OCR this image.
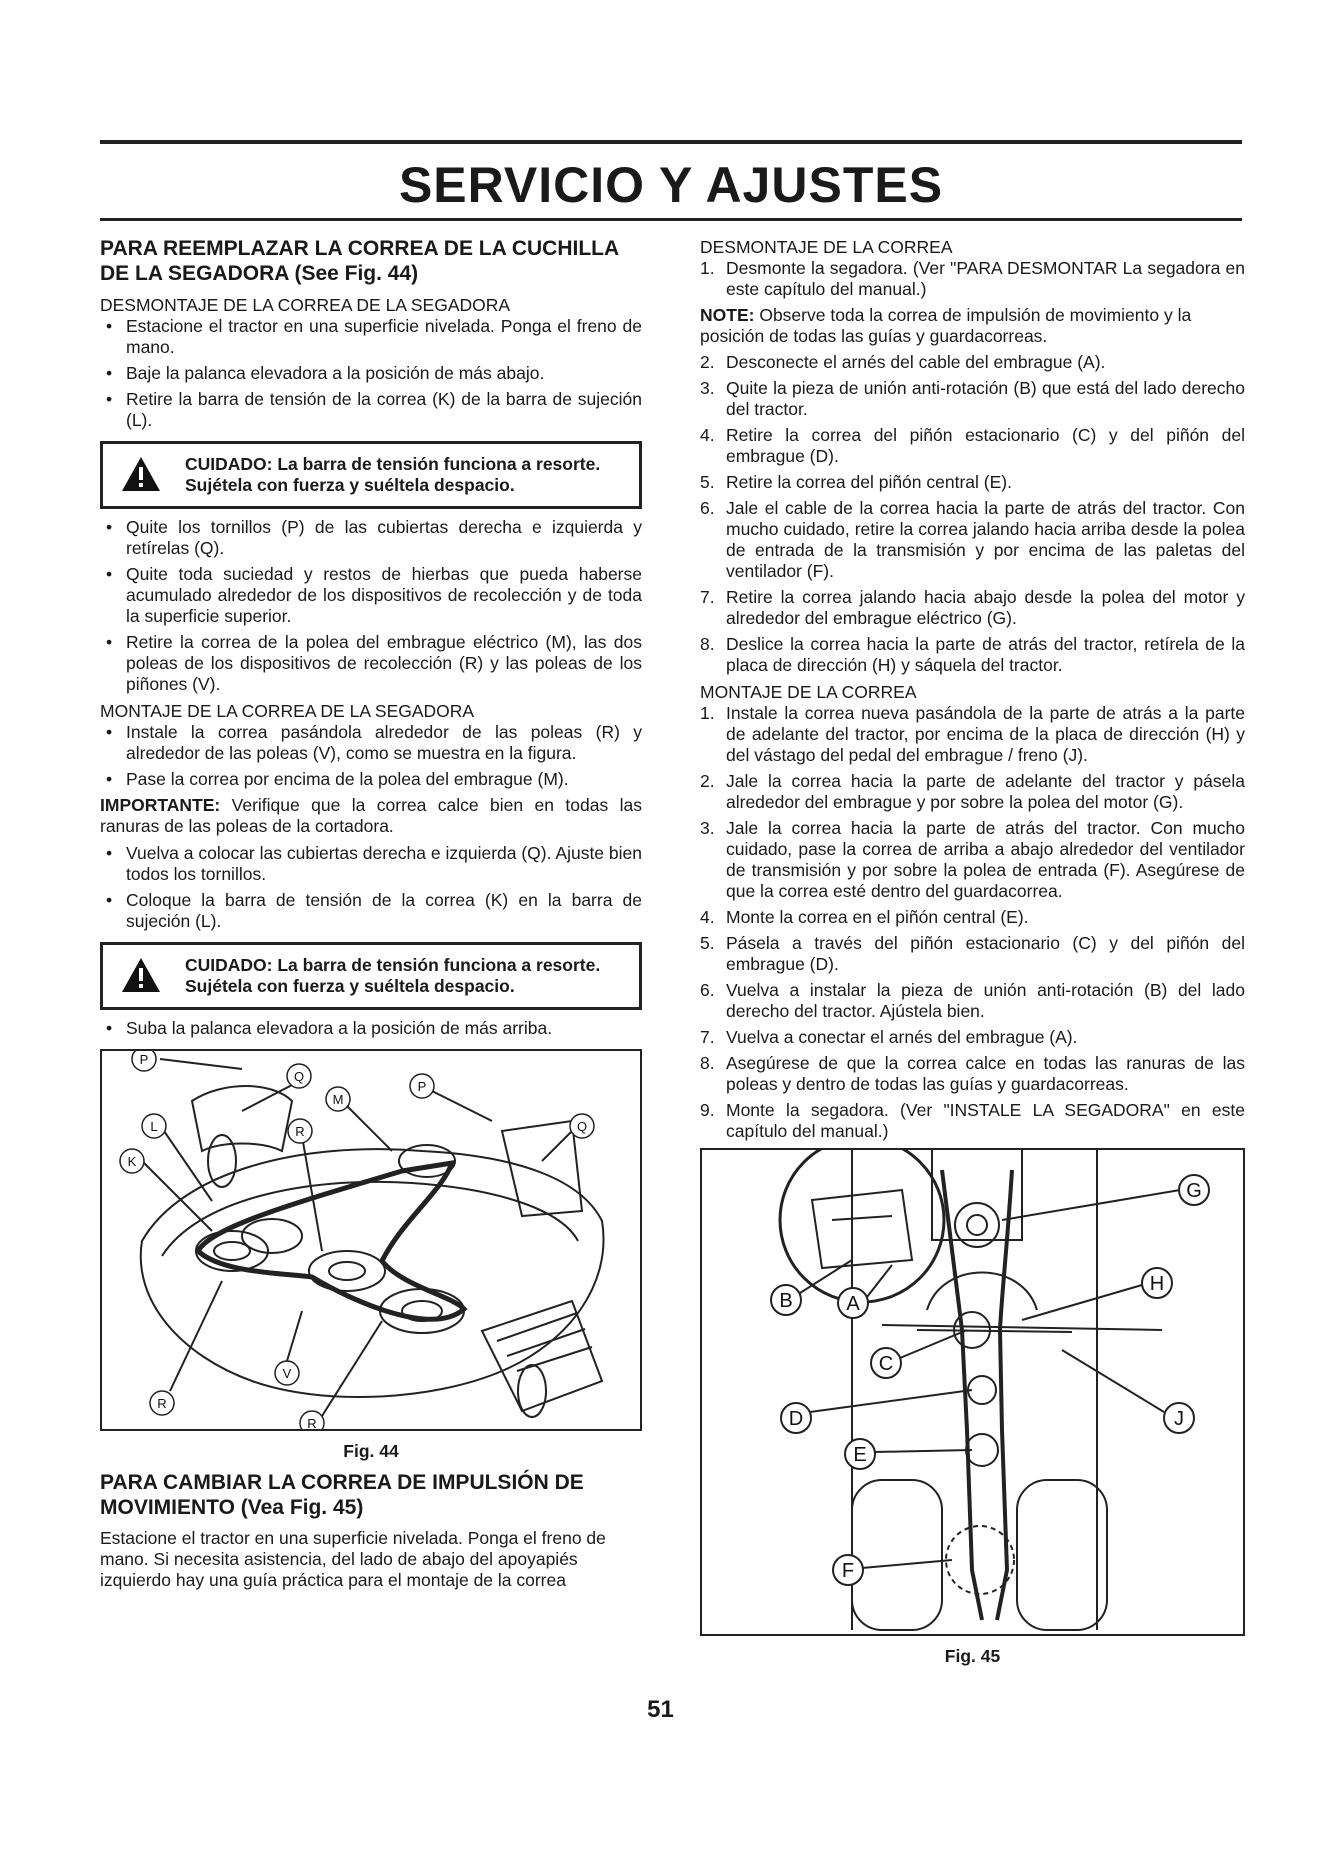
SERVICIO Y AJUSTES
PARA REEMPLAZAR LA CORREA DE LA CUCHILLA DE LA SEGADORA (See Fig. 44)
DESMONTAJE DE LA CORREA DE LA SEGADORA
• Estacione el tractor en una superficie nivelada. Ponga el freno de mano.
• Baje la palanca elevadora a la posición de más abajo.
• Retire la barra de tensión de la correa (K) de la barra de sujeción (L).
CUIDADO: La barra de tensión funciona a resorte.
Sujétela con fuerza y suéltela despacio.
• Quite los tornillos (P) de las cubiertas derecha e izquierda y retírelas (Q).
• Quite toda suciedad y restos de hierbas que pueda haberse acumulado alrededor de los dispositivos de recolección y de toda la superficie superior.
• Retire la correa de la polea del embrague eléctrico (M), las dos poleas de los dispositivos de recolección (R) y las poleas de los piñones (V).
MONTAJE DE LA CORREA DE LA SEGADORA
• Instale la correa pasándola alrededor de las poleas (R) y alrededor de las poleas (V), como se muestra en la figura.
• Pase la correa por encima de la polea del embrague (M).

IMPORTANTE: Verifique que la correa calce bien en todas las ranuras de las poleas de la cortadora.

• Vuelva a colocar las cubiertas derecha e izquierda (Q). Ajuste bien todos los tornillos.
• Coloque la barra de tensión de la correa (K) en la barra de sujeción (L).
CUIDADO: La barra de tensión funciona a resorte.
Sujétela con fuerza y suéltela despacio.
• Suba la palanca elevadora a la posición de más arriba.
P
Q
M
P
L	R	Q
K
V
R
R
Fig. 44
PARA CAMBIAR LA CORREA DE IMPULSIÓN DE MOVIMIENTO (Vea Fig. 45)

Estacione el tractor en una superficie nivelada. Ponga el freno de mano. Si necesita asistencia, del lado de abajo del apoyapiés izquierdo hay una guía práctica para el montaje de la correa

DESMONTAJE DE LA CORREA
1. Desmonte la segadora. (Ver "PARA DESMONTAR La segadora en este capítulo del manual.)

NOTE: Observe toda la correa de impulsión de movimiento y la posición de todas las guías y guardacorreas.

2. Desconecte el arnés del cable del embrague (A).
3. Quite la pieza de unión anti-rotación (B) que está del lado derecho del tractor.
4. Retire la correa del piñón estacionario (C) y del piñón del embrague (D).
5. Retire la correa del piñón central (E).
6. Jale el cable de la correa hacia la parte de atrás del tractor. Con mucho cuidado, retire la correa jalando hacia arriba desde la polea de entrada de la transmisión y por encima de las paletas del ventilador (F).
7. Retire la correa jalando hacia abajo desde la polea del motor y alrededor del embrague eléctrico (G).
8. Deslice la correa hacia la parte de atrás del tractor, retírela de la placa de dirección (H) y sáquela del tractor.
MONTAJE DE LA CORREA
1. Instale la correa nueva pasándola de la parte de atrás a la parte de adelante del tractor, por encima de la placa de dirección (H) y del vástago del pedal del embrague / freno (J).
2. Jale la correa hacia la parte de adelante del tractor y pásela alrededor del embrague y por sobre la polea del motor (G).
3. Jale la correa hacia la parte de atrás del tractor. Con mucho cuidado, pase la correa de arriba a abajo alrededor del ventilador de transmisión y por sobre la polea de entrada (F). Asegúrese de que la correa esté dentro del guardacorrea.
4. Monte la correa en el piñón central (E).
5. Pásela a través del piñón estacionario (C) y del piñón del embrague (D).
6. Vuelva a instalar la pieza de unión anti-rotación (B) del lado derecho del tractor. Ajústela bien.
7. Vuelva a conectar el arnés del embrague (A).
8. Asegúrese de que la correa calce en todas las ranuras de las poleas y dentro de todas las guías y guardacorreas.
9. Monte la segadora. (Ver "INSTALE LA SEGADORA" en este capítulo del manual.)
G
H
B	A
C
J
D
E
F
Fig. 45
51
